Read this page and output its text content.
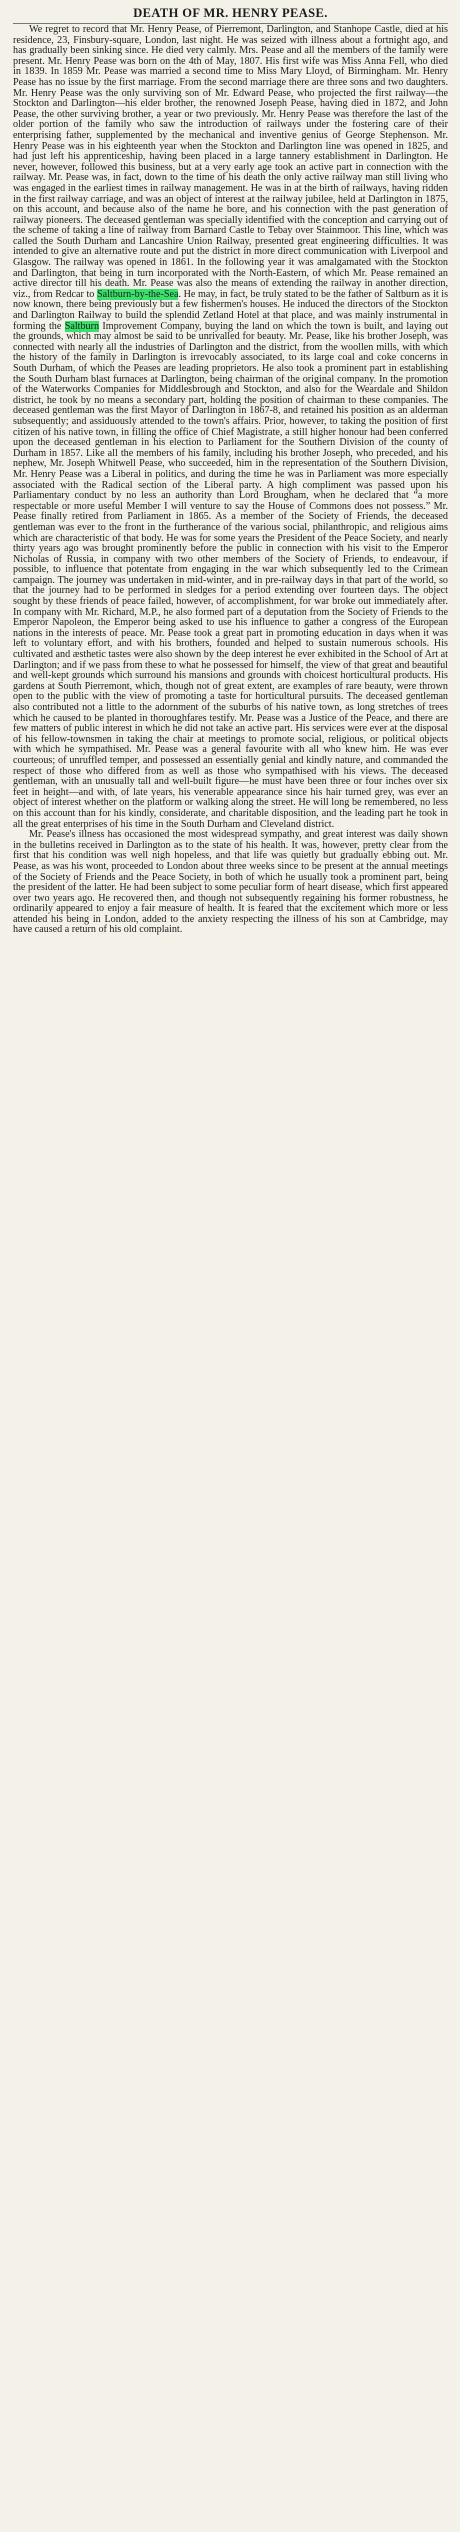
DEATH OF MR. HENRY PEASE.

We regret to record that Mr. Henry Pease, of Pierremont, Darlington, and Stanhope Castle, died at his residence, 23, Finsbury-square, London, last night. He was seized with illness about a fortnight ago, and has gradually been sinking since. He died very calmly. Mrs. Pease and all the members of the family were present. Mr. Henry Pease was born on the 4th of May, 1807. His first wife was Miss Anna Fell, who died in 1839. In 1859 Mr. Pease was married a second time to Miss Mary Lloyd, of Birmingham. Mr. Henry Pease has no issue by the first marriage. From the second marriage there are three sons and two daughters. Mr. Henry Pease was the only surviving son of Mr. Edward Pease, who projected the first railway—the Stockton and Darlington—his elder brother, the renowned Joseph Pease, having died in 1872, and John Pease, the other surviving brother, a year or two previously. Mr. Henry Pease was therefore the last of the older portion of the family who saw the introduction of railways under the fostering care of their enterprising father, supplemented by the mechanical and inventive genius of George Stephenson. Mr. Henry Pease was in his eighteenth year when the Stockton and Darlington line was opened in 1825, and had just left his apprenticeship, having been placed in a large tannery establishment in Darlington. He never, however, followed this business, but at a very early age took an active part in connection with the railway. Mr. Pease was, in fact, down to the time of his death the only active railway man still living who was engaged in the earliest times in railway management. He was in at the birth of railways, having ridden in the first railway carriage, and was an object of interest at the railway jubilee, held at Darlington in 1875, on this account, and because also of the name he bore, and his connection with the past generation of railway pioneers. The deceased gentleman was specially identified with the conception and carrying out of the scheme of taking a line of railway from Barnard Castle to Tebay over Stainmoor. This line, which was called the South Durham and Lancashire Union Railway, presented great engineering difficulties. It was intended to give an alternative route and put the district in more direct communication with Liverpool and Glasgow. The railway was opened in 1861. In the following year it was amalgamated with the Stockton and Darlington, that being in turn incorporated with the North-Eastern, of which Mr. Pease remained an active director till his death. Mr. Pease was also the means of extending the railway in another direction, viz., from Redcar to Saltburn-by-the-Sea. He may, in fact, be truly stated to be the father of Saltburn as it is now known, there being previously but a few fishermen's houses. He induced the directors of the Stockton and Darlington Railway to build the splendid Zetland Hotel at that place, and was mainly instrumental in forming the Saltburn Improvement Company, buying the land on which the town is built, and laying out the grounds, which may almost be said to be unrivalled for beauty. Mr. Pease, like his brother Joseph, was connected with nearly all the industries of Darlington and the district, from the woollen mills, with which the history of the family in Darlington is irrevocably associated, to its large coal and coke concerns in South Durham, of which the Peases are leading proprietors. He also took a prominent part in establishing the South Durham blast furnaces at Darlington, being chairman of the original company. In the promotion of the Waterworks Companies for Middlesbrough and Stockton, and also for the Weardale and Shildon district, he took by no means a secondary part, holding the position of chairman to these companies. The deceased gentleman was the first Mayor of Darlington in 1867-8, and retained his position as an alderman subsequently; and assiduously attended to the town's affairs. Prior, however, to taking the position of first citizen of his native town, in filling the office of Chief Magistrate, a still higher honour had been conferred upon the deceased gentleman in his election to Parliament for the Southern Division of the county of Durham in 1857. Like all the members of his family, including his brother Joseph, who preceded, and his nephew, Mr. Joseph Whitwell Pease, who succeeded, him in the representation of the Southern Division, Mr. Henry Pease was a Liberal in politics, and during the time he was in Parliament was more especially associated with the Radical section of the Liberal party. A high compliment was passed upon his Parliamentary conduct by no less an authority than Lord Brougham, when he declared that “a more respectable or more useful Member I will venture to say the House of Commons does not possess.” Mr. Pease finally retired from Parliament in 1865. As a member of the Society of Friends, the deceased gentleman was ever to the front in the furtherance of the various social, philanthropic, and religious aims which are characteristic of that body. He was for some years the President of the Peace Society, and nearly thirty years ago was brought prominently before the public in connection with his visit to the Emperor Nicholas of Russia, in company with two other members of the Society of Friends, to endeavour, if possible, to influence that potentate from engaging in the war which subsequently led to the Crimean campaign. The journey was undertaken in mid-winter, and in pre-railway days in that part of the world, so that the journey had to be performed in sledges for a period extending over fourteen days. The object sought by these friends of peace failed, however, of accomplishment, for war broke out immediately after. In company with Mr. Richard, M.P., he also formed part of a deputation from the Society of Friends to the Emperor Napoleon, the Emperor being asked to use his influence to gather a congress of the European nations in the interests of peace. Mr. Pease took a great part in promoting education in days when it was left to voluntary effort, and with his brothers, founded and helped to sustain numerous schools. His cultivated and æsthetic tastes were also shown by the deep interest he ever exhibited in the School of Art at Darlington; and if we pass from these to what he possessed for himself, the view of that great and beautiful and well-kept grounds which surround his mansions and grounds with choicest horticultural products. His gardens at South Pierremont, which, though not of great extent, are examples of rare beauty, were thrown open to the public with the view of promoting a taste for horticultural pursuits. The deceased gentleman also contributed not a little to the adornment of the suburbs of his native town, as long stretches of trees which he caused to be planted in thoroughfares testify. Mr. Pease was a Justice of the Peace, and there are few matters of public interest in which he did not take an active part. His services were ever at the disposal of his fellow-townsmen in taking the chair at meetings to promote social, religious, or political objects with which he sympathised. Mr. Pease was a general favourite with all who knew him. He was ever courteous; of unruffled temper, and possessed an essentially genial and kindly nature, and commanded the respect of those who differed from as well as those who sympathised with his views. The deceased gentleman, with an unusually tall and well-built figure—he must have been three or four inches over six feet in height—and with, of late years, his venerable appearance since his hair turned grey, was ever an object of interest whether on the platform or walking along the street. He will long be remembered, no less on this account than for his kindly, considerate, and charitable disposition, and the leading part he took in all the great enterprises of his time in the South Durham and Cleveland district.

Mr. Pease's illness has occasioned the most widespread sympathy, and great interest was daily shown in the bulletins received in Darlington as to the state of his health. It was, however, pretty clear from the first that his condition was well nigh hopeless, and that life was quietly but gradually ebbing out. Mr. Pease, as was his wont, proceeded to London about three weeks since to be present at the annual meetings of the Society of Friends and the Peace Society, in both of which he usually took a prominent part, being the president of the latter. He had been subject to some peculiar form of heart disease, which first appeared over two years ago. He recovered then, and though not subsequently regaining his former robustness, he ordinarily appeared to enjoy a fair measure of health. It is feared that the excitement which more or less attended his being in London, added to the anxiety respecting the illness of his son at Cambridge, may have caused a return of his old complaint.
